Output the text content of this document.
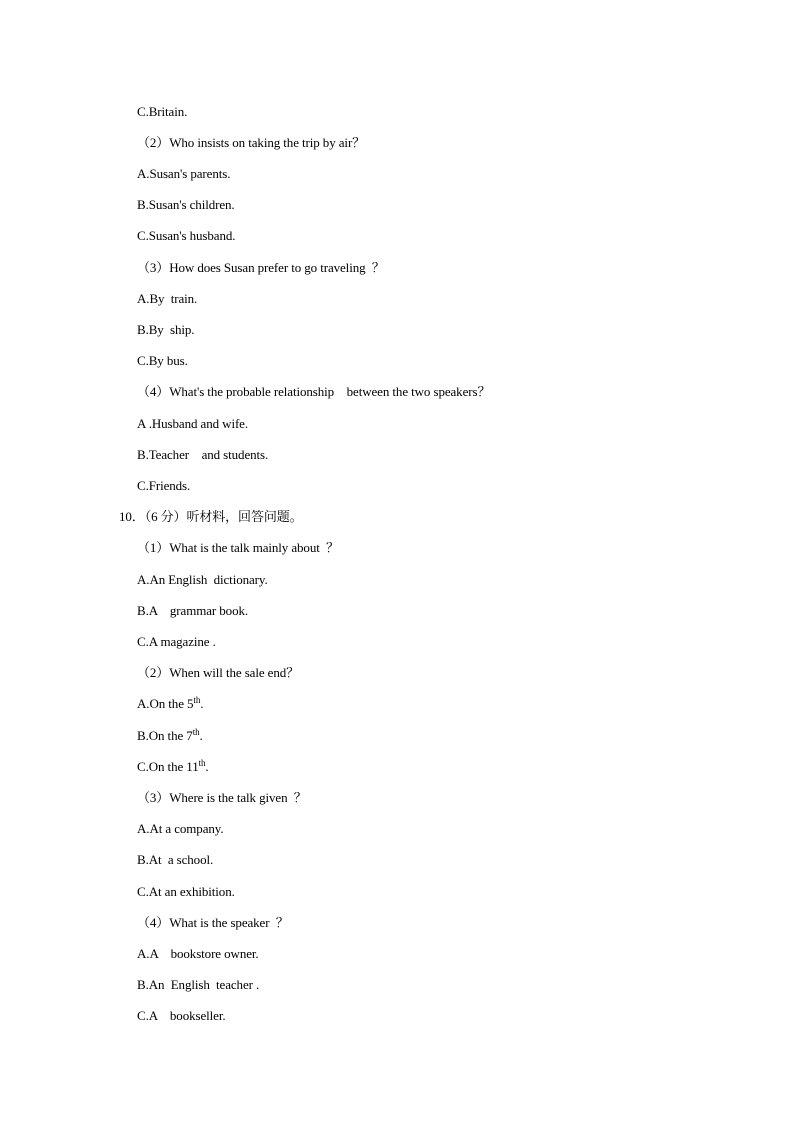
C.Britain.
（2）Who insists on taking the trip by air？
A.Susan's parents.
B.Susan's children.
C.Susan's husband.
（3）How does Susan prefer to go traveling  ？
A.By  train.
B.By  ship.
C.By bus.
（4）What's the probable relationship    between the two speakers？
A .Husband and wife.
B.Teacher    and students.
C.Friends.
10．（6 分）听材料，回答问题。
（1）What is the talk mainly about  ？
A.An English  dictionary.
B.A    grammar book.
C.A magazine .
（2）When will the sale end？
A.On the 5th.
B.On the 7th.
C.On the 11th.
（3）Where is the talk given  ？
A.At a company.
B.At  a school.
C.At an exhibition.
（4）What is the speaker  ？
A.A    bookstore owner.
B.An  English  teacher .
C.A    bookseller.
